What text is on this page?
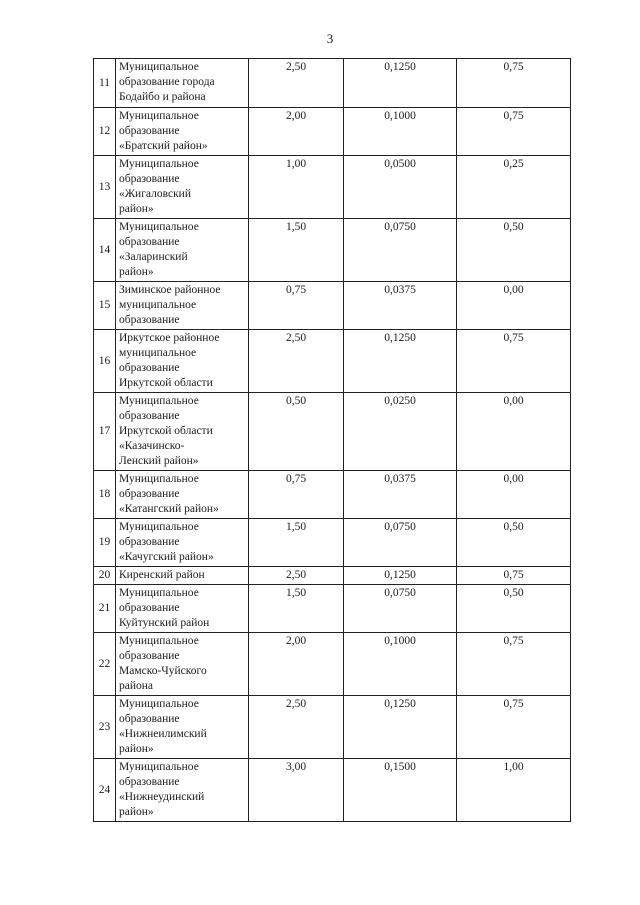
3
11	Муниципальное
образование города
Бодайбо и района	2,50	0,1250	0,75
12	Муниципальное
образование
«Братский район»	2,00	0,1000	0,75
13	Муниципальное
образование
«Жигаловский
район»	1,00	0,0500	0,25
14	Муниципальное
образование
«Заларинский
район»	1,50	0,0750	0,50
15	Зиминское районное
муниципальное
образование	0,75	0,0375	0,00
16	Иркутское районное
муниципальное
образование
Иркутской области	2,50	0,1250	0,75
17	Муниципальное
образование
Иркутской области
«Казачинско-
Ленский район»	0,50	0,0250	0,00
18	Муниципальное
образование
«Катангский район»	0,75	0,0375	0,00
19	Муниципальное
образование
«Качугский район»	1,50	0,0750	0,50
20	Киренский район	2,50	0,1250	0,75
21	Муниципальное
образование
Куйтунский район	1,50	0,0750	0,50
22	Муниципальное
образование
Мамско-Чуйского
района	2,00	0,1000	0,75
23	Муниципальное
образование
«Нижнеилимский
район»	2,50	0,1250	0,75
24	Муниципальное
образование
«Нижнеудинский
район»	3,00	0,1500	1,00
